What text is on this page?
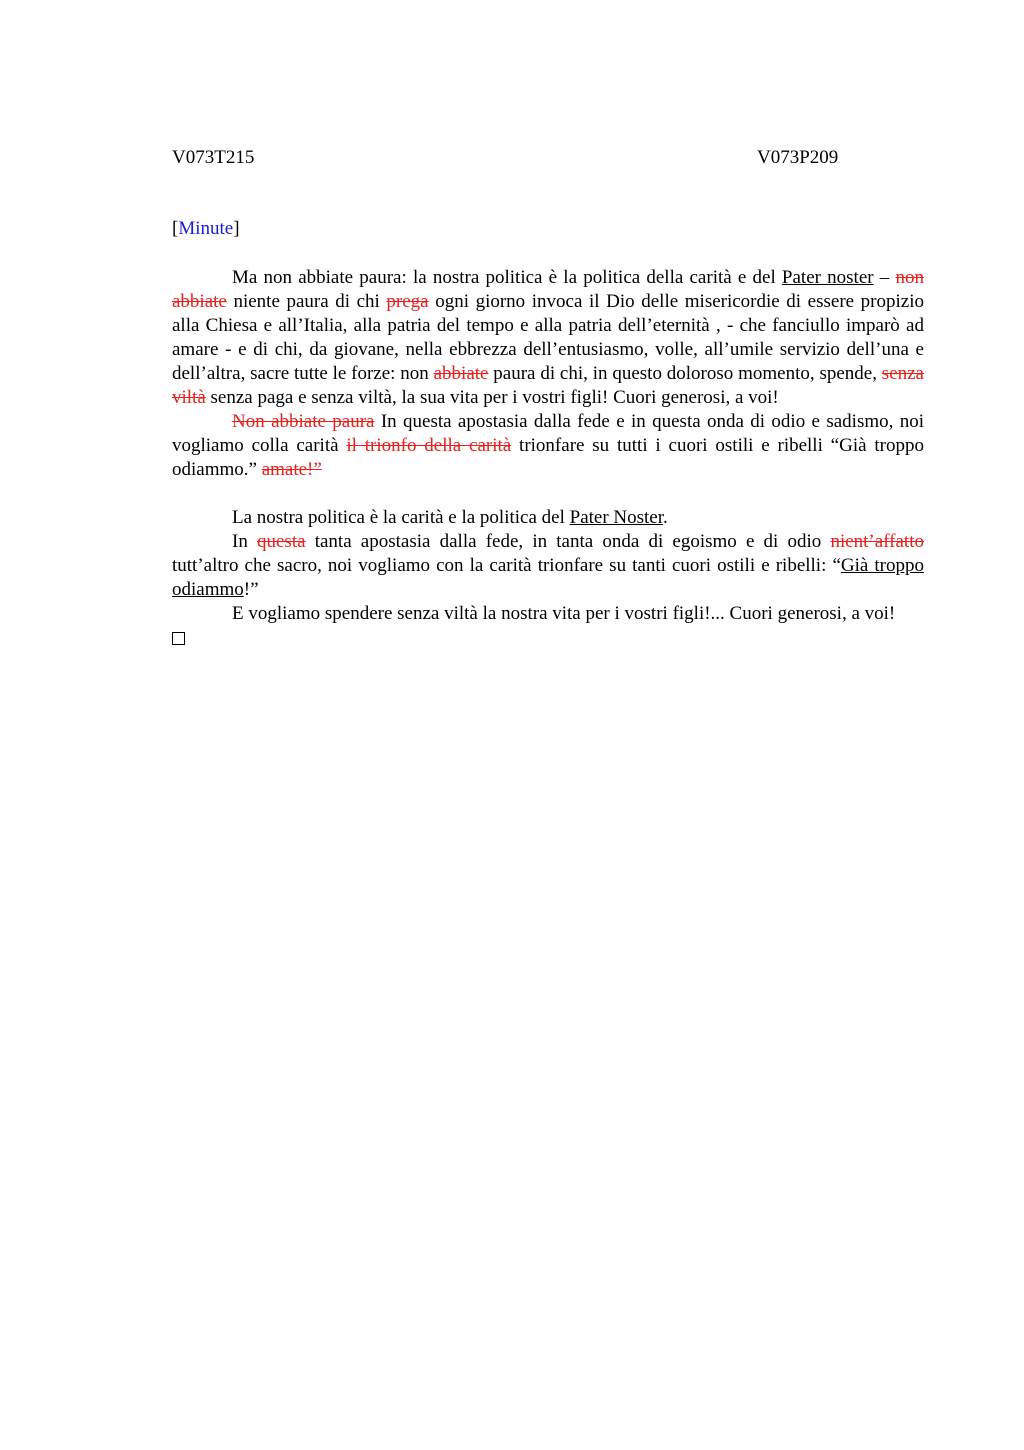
V073T215	V073P209
[Minute]

Ma non abbiate paura: la nostra politica è la politica della carità e del Pater noster – non abbiate niente paura di chi prega ogni giorno invoca il Dio delle misericordie di essere propizio alla Chiesa e all’Italia, alla patria del tempo e alla patria dell’eternità , - che fanciullo imparò ad amare - e di chi, da giovane, nella ebbrezza dell’entusiasmo, volle, all’umile servizio dell’una e dell’altra, sacre tutte le forze: non abbiate paura di chi, in questo doloroso momento, spende, senza viltà senza paga e senza viltà, la sua vita per i vostri figli! Cuori generosi, a voi!

Non abbiate paura In questa apostasia dalla fede e in questa onda di odio e sadismo, noi vogliamo colla carità il trionfo della carità trionfare su tutti i cuori ostili e ribelli “Già troppo odiammo.” amate!”

La nostra politica è la carità e la politica del Pater Noster.

In questa tanta apostasia dalla fede, in tanta onda di egoismo e di odio nient’affatto tutt’altro che sacro, noi vogliamo con la carità trionfare su tanti cuori ostili e ribelli: “Già troppo odiammo!”

E vogliamo spendere senza viltà la nostra vita per i vostri figli!... Cuori generosi, a voi!
